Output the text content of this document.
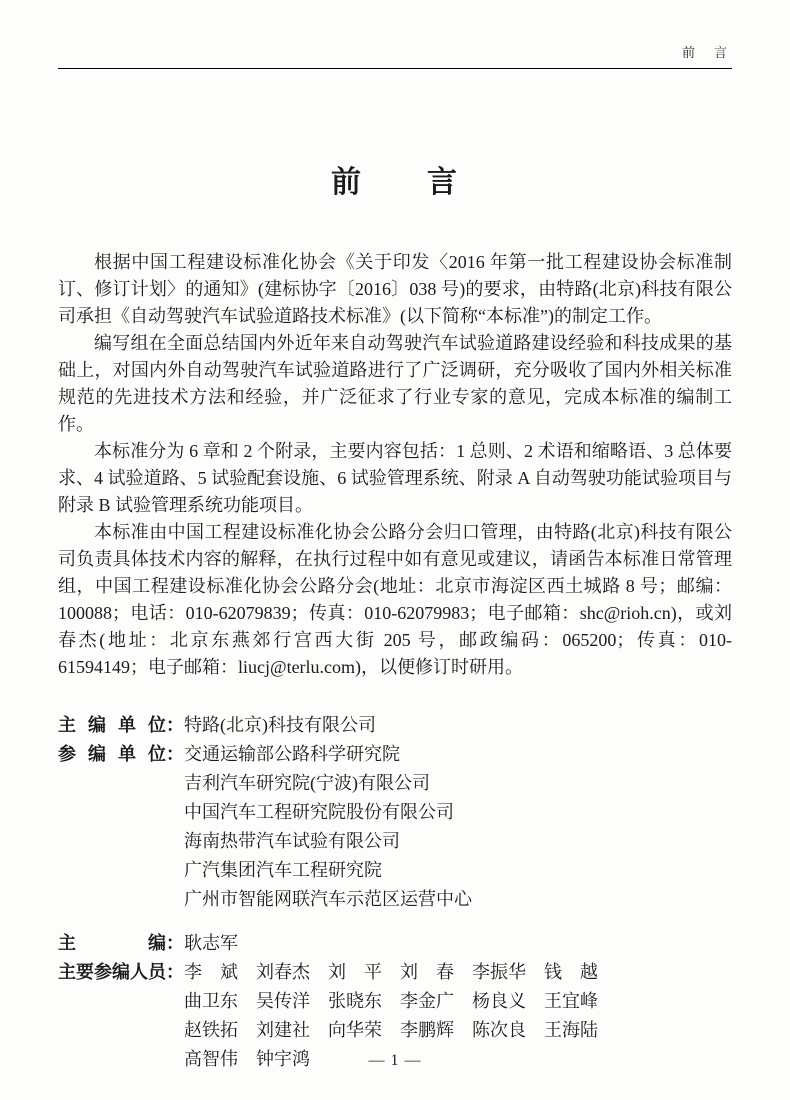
前　言
前　　言

根据中国工程建设标准化协会《关于印发〈2016 年第一批工程建设协会标准制订、修订计划〉的通知》(建标协字〔2016〕038 号)的要求，由特路(北京)科技有限公司承担《自动驾驶汽车试验道路技术标准》(以下简称“本标准”)的制定工作。

编写组在全面总结国内外近年来自动驾驶汽车试验道路建设经验和科技成果的基础上，对国内外自动驾驶汽车试验道路进行了广泛调研，充分吸收了国内外相关标准规范的先进技术方法和经验，并广泛征求了行业专家的意见，完成本标准的编制工作。

本标准分为 6 章和 2 个附录，主要内容包括：1 总则、2 术语和缩略语、3 总体要求、4 试验道路、5 试验配套设施、6 试验管理系统、附录 A 自动驾驶功能试验项目与附录 B 试验管理系统功能项目。

本标准由中国工程建设标准化协会公路分会归口管理，由特路(北京)科技有限公司负责具体技术内容的解释，在执行过程中如有意见或建议，请函告本标准日常管理组，中国工程建设标准化协会公路分会(地址：北京市海淀区西土城路 8 号；邮编：100088；电话：010-62079839；传真：010-62079983；电子邮箱：shc@rioh.cn)，或刘春杰(地址：北京东燕郊行宫西大街 205 号，邮政编码：065200；传真：010-61594149；电子邮箱：liucj@terlu.com)，以便修订时研用。

主编单位 ： 特路(北京)科技有限公司
参编单位 ： 交通运输部公路科学研究院
吉利汽车研究院(宁波)有限公司
中国汽车工程研究院股份有限公司
海南热带汽车试验有限公司
广汽集团汽车工程研究院
广州市智能网联汽车示范区运营中心
主编 ： 耿志军
主要参编人员 ： 李　斌　刘春杰　刘　平　刘　春　李振华　钱　越
曲卫东　吴传洋　张晓东　李金广　杨良义　王宜峰
赵铁拓　刘建社　向华荣　李鹏辉　陈次良　王海陆
高智伟　钟宇鸿	— 1 —
